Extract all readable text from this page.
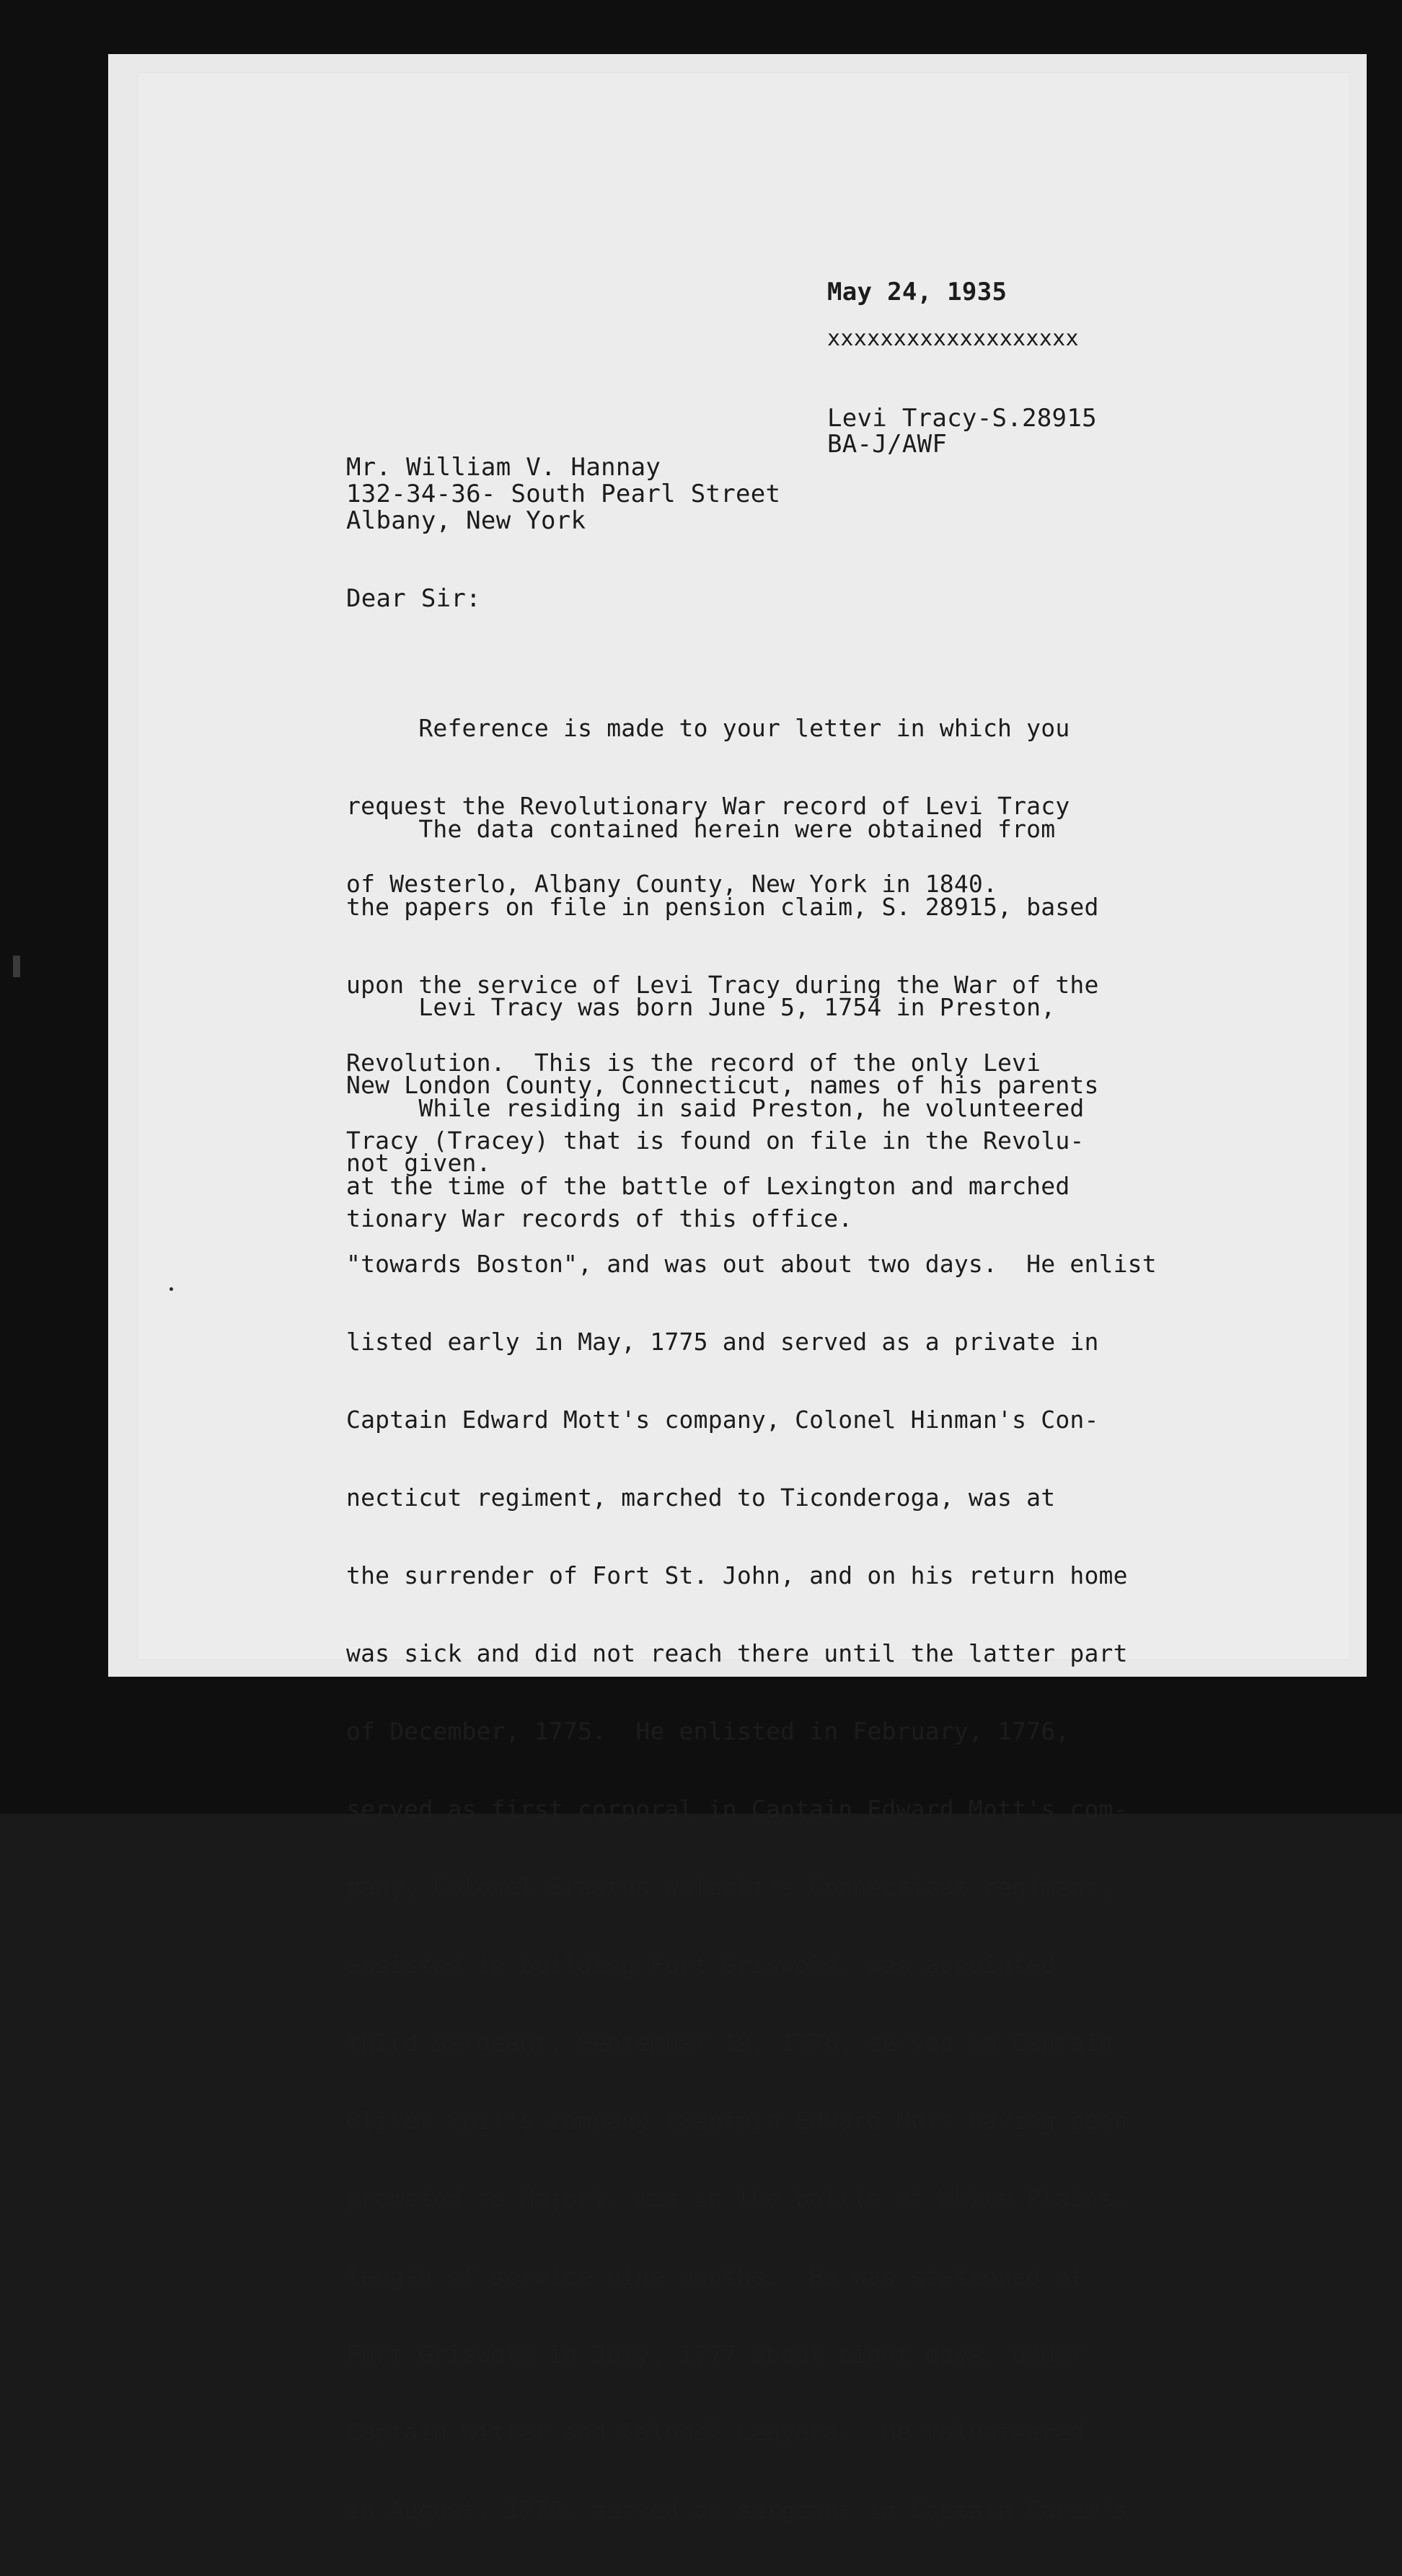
May 24, 1935
xxxxxxxxxxxxxxxxxxx
Levi Tracy-S.28915
BA-J/AWF
Mr. William V. Hannay
132-34-36- South Pearl Street
Albany, New York
Dear Sir:

Reference is made to your letter in which you

request the Revolutionary War record of Levi Tracy

of Westerlo, Albany County, New York in 1840.

The data contained herein were obtained from

the papers on file in pension claim, S. 28915, based

upon the service of Levi Tracy during the War of the

Revolution.  This is the record of the only Levi

Tracy (Tracey) that is found on file in the Revolu-

tionary War records of this office.

Levi Tracy was born June 5, 1754 in Preston,

New London County, Connecticut, names of his parents

not given.

While residing in said Preston, he volunteered

at the time of the battle of Lexington and marched

"towards Boston", and was out about two days.  He enlist

listed early in May, 1775 and served as a private in

Captain Edward Mott's company, Colonel Hinman's Con-

necticut regiment, marched to Ticonderoga, was at

the surrender of Fort St. John, and on his return home

was sick and did not reach there until the latter part

of December, 1775.  He enlisted in February, 1776,

served as first corporal in Captain Edward Mott's com-

pany, Colonel Erastus Wolcott's Connecticut regiment,

assisted in building Fort Griswold, was appointed

third sergeant, September 19, 1776, served in Captain

Oliver Coit's company (Captain Edward Mott having been

promoted to Major), was in the battle of White Plains,

length of service nine months.  He was stationed at

Fort Griswold in July, 1777 about eight days, under

Captain Witter and Colonel Ledyard.  He volunteered

in August, 1778, served as sergeant in Captain Carew's
